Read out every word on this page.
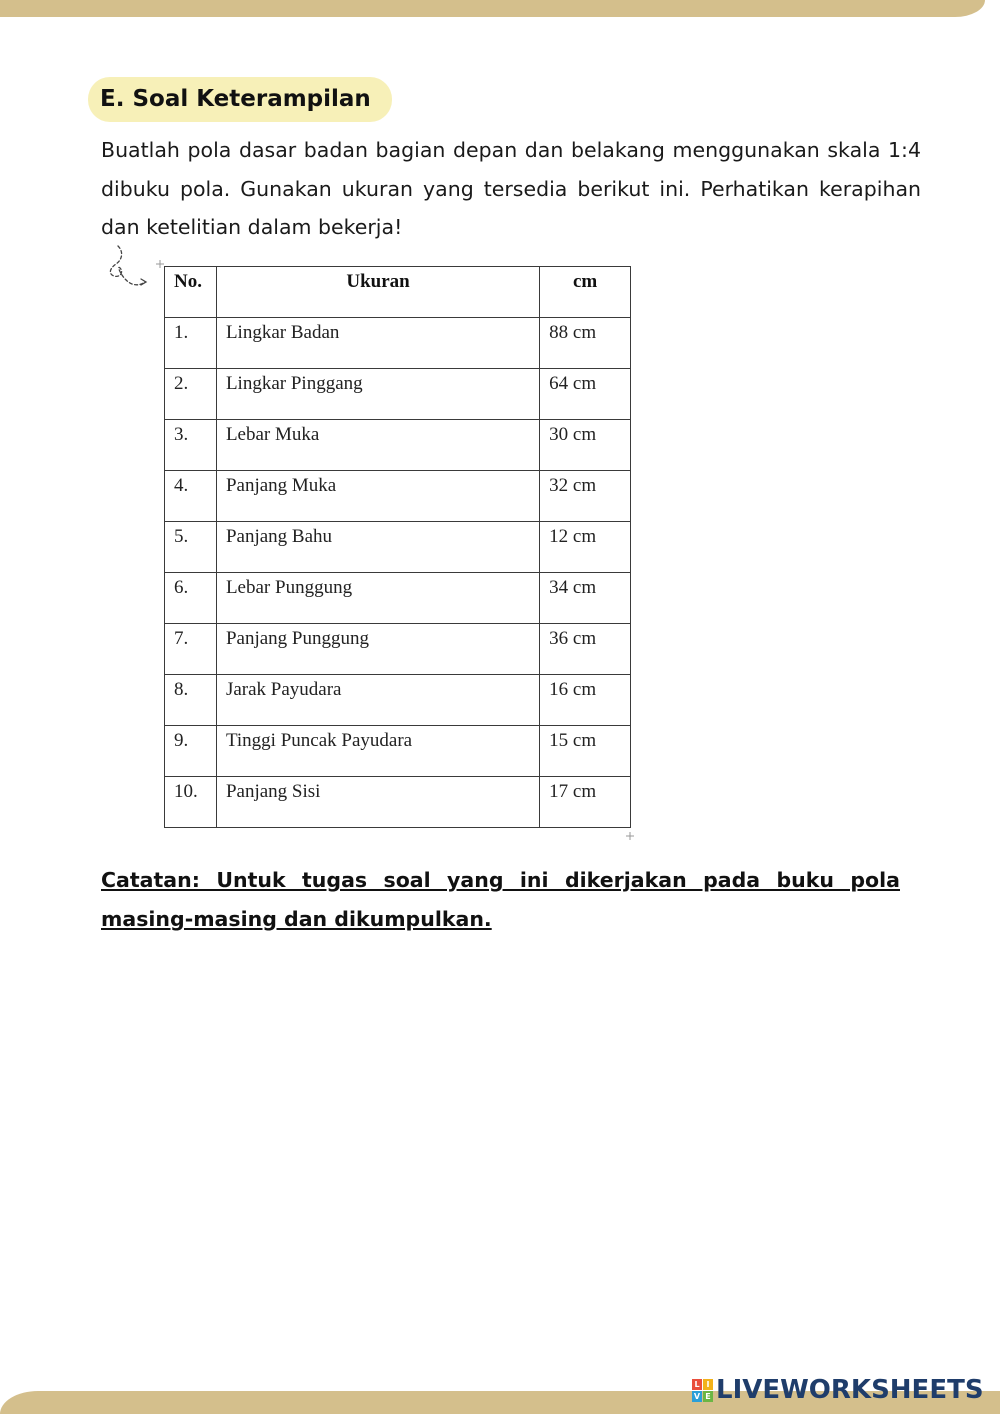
E. Soal Keterampilan

Buatlah pola dasar badan bagian depan dan belakang menggunakan skala 1:4 dibuku pola. Gunakan ukuran yang tersedia berikut ini. Perhatikan kerapihan dan ketelitian dalam bekerja!

No.	Ukuran	cm
1.	Lingkar Badan	88 cm
2.	Lingkar Pinggang	64 cm
3.	Lebar Muka	30 cm
4.	Panjang Muka	32 cm
5.	Panjang Bahu	12 cm
6.	Lebar Punggung	34 cm
7.	Panjang Punggung	36 cm
8.	Jarak Payudara	16 cm
9.	Tinggi Puncak Payudara	15 cm
10.	Panjang Sisi	17 cm

Catatan: Untuk tugas soal yang ini dikerjakan pada buku pola masing-masing dan dikumpulkan.

L I
V E LIVEWORKSHEETS
